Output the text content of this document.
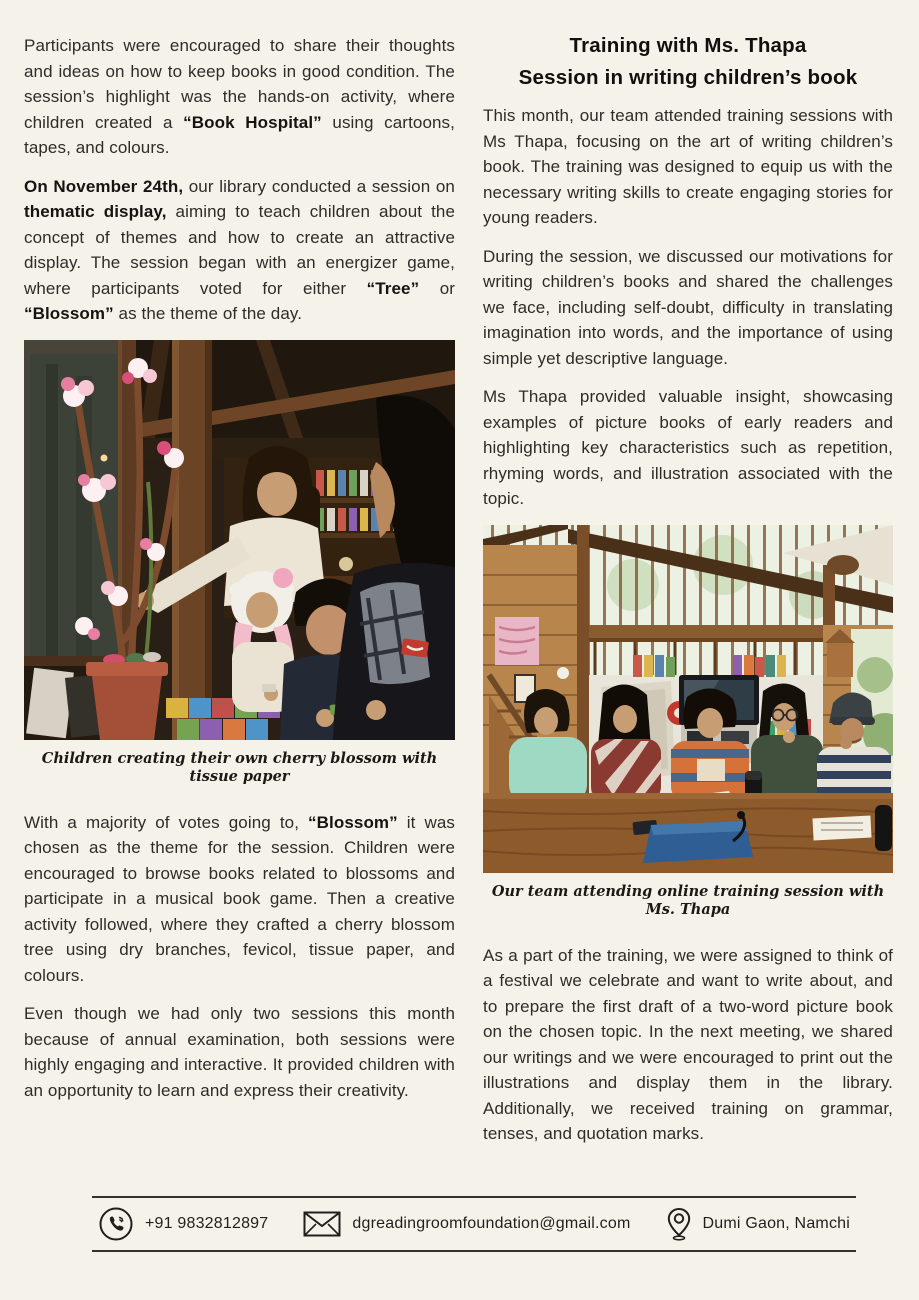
Participants were encouraged to share their thoughts and ideas on how to keep books in good condition. The session’s highlight was the hands-on activity, where children created a “Book Hospital” using cartoons, tapes, and colours.

On November 24th, our library conducted a session on thematic display, aiming to teach children about the concept of themes and how to create an attractive display. The session began with an energizer game, where participants voted for either “Tree” or “Blossom” as the theme of the day.

Children creating their own cherry blossom with tissue paper

With a majority of votes going to, “Blossom” it was chosen as the theme for the session. Children were encouraged to browse books related to blossoms and participate in a musical book game. Then a creative activity followed, where they crafted a cherry blossom tree using dry branches, fevicol, tissue paper, and colours.

Even though we had only two sessions this month because of annual examination, both sessions were highly engaging and interactive. It provided children with an opportunity to learn and express their creativity.

Training with Ms. Thapa
Session in writing children’s book

This month, our team attended training sessions with Ms Thapa, focusing on the art of writing children’s book. The training was designed to equip us with the necessary writing skills to create engaging stories for young readers.

During the session, we discussed our motivations for writing children’s books and shared the challenges we face, including self-doubt, difficulty in translating imagination into words, and the importance of using simple yet descriptive language.

Ms Thapa provided valuable insight, showcasing examples of picture books of early readers and highlighting key characteristics such as repetition, rhyming words, and illustration associated with the topic.

Our team attending online training session with Ms. Thapa

As a part of the training, we were assigned to think of a festival we celebrate and want to write about, and to prepare the first draft of a two-word picture book on the chosen topic. In the next meeting, we shared our writings and we were encouraged to print out the illustrations and display them in the library. Additionally, we received training on grammar, tenses, and quotation marks.

+91 9832812897	dgreadingroomfoundation@gmail.com	Dumi Gaon, Namchi
